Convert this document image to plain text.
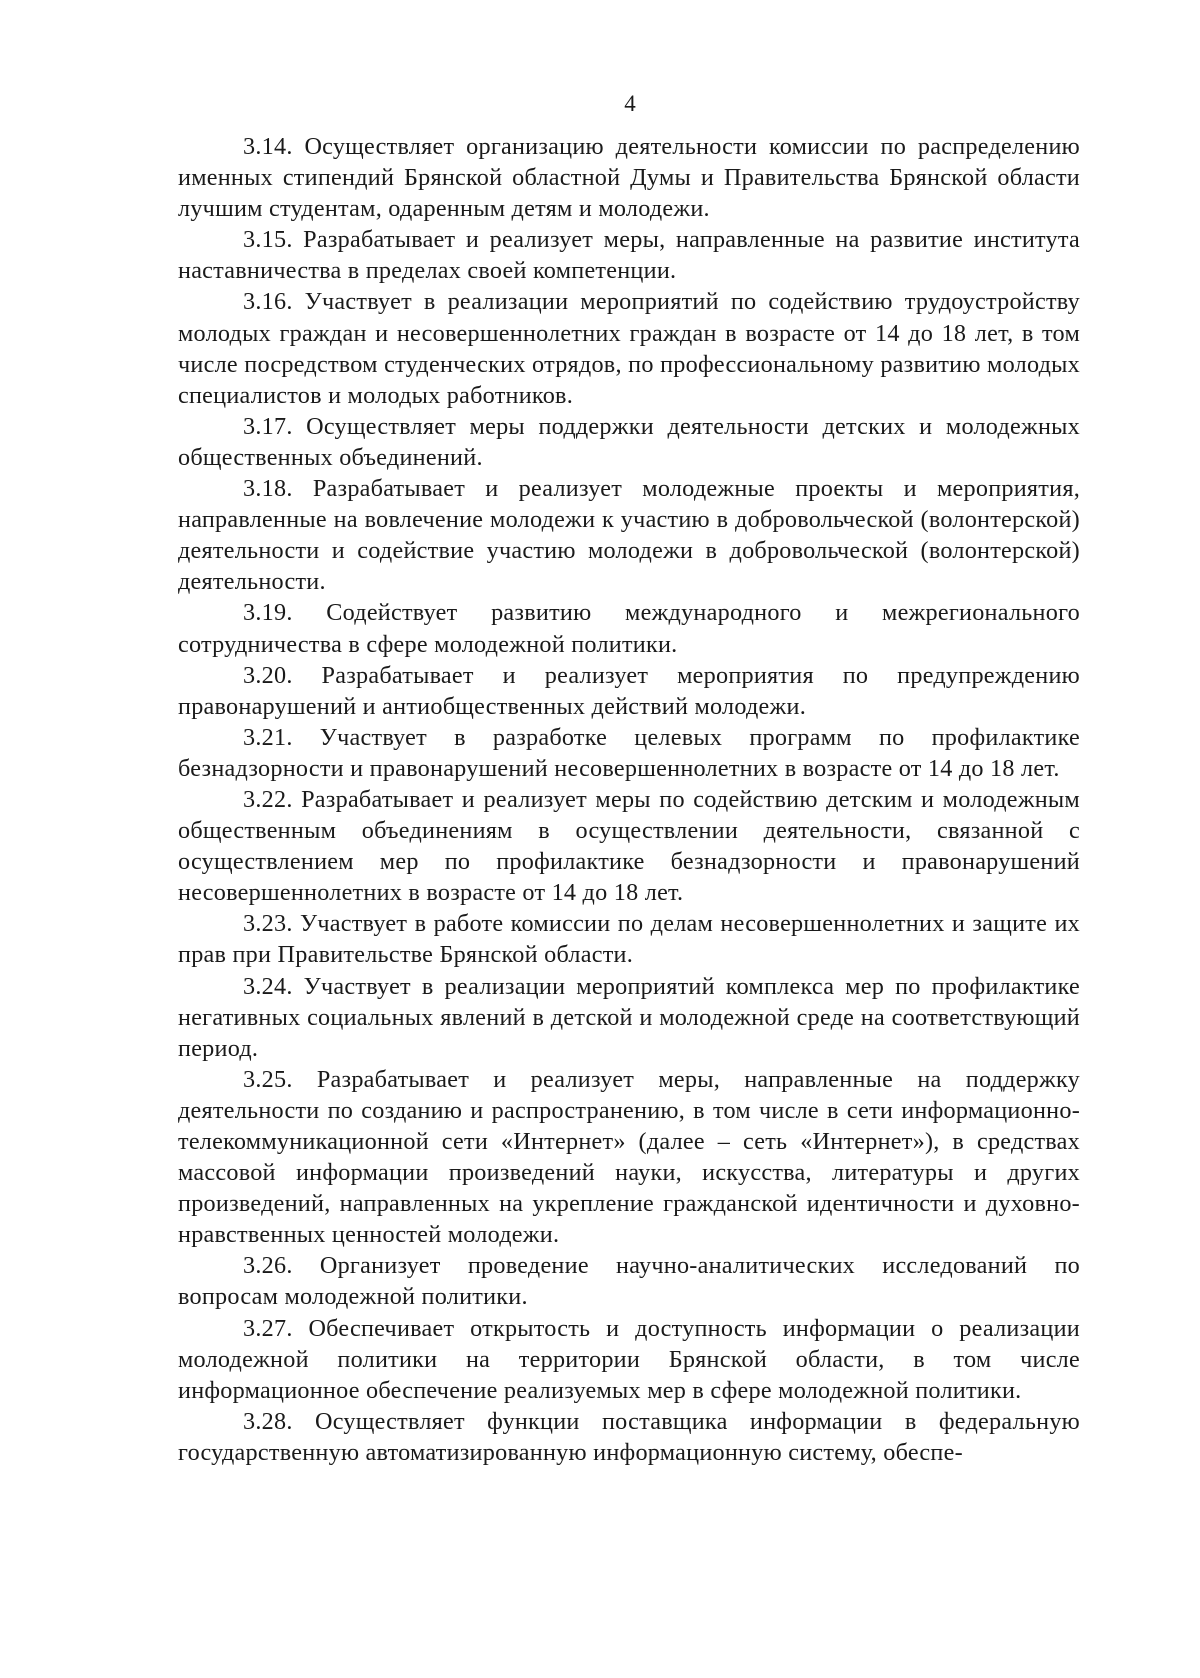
4

3.14. Осуществляет организацию деятельности комиссии по распределению именных стипендий Брянской областной Думы и Правительства Брянской области лучшим студентам, одаренным детям и молодежи.

3.15. Разрабатывает и реализует меры, направленные на развитие института наставничества в пределах своей компетенции.

3.16. Участвует в реализации мероприятий по содействию трудоустройству молодых граждан и несовершеннолетних граждан в возрасте от 14 до 18 лет, в том числе посредством студенческих отрядов, по профессиональному развитию молодых специалистов и молодых работников.

3.17. Осуществляет меры поддержки деятельности детских и молодежных общественных объединений.

3.18. Разрабатывает и реализует молодежные проекты и мероприятия, направленные на вовлечение молодежи к участию в добровольческой (волонтерской) деятельности и содействие участию молодежи в добровольческой (волонтерской) деятельности.

3.19. Содействует развитию международного и межрегионального сотрудничества в сфере молодежной политики.

3.20. Разрабатывает и реализует мероприятия по предупреждению правонарушений и антиобщественных действий молодежи.

3.21. Участвует в разработке целевых программ по профилактике безнадзорности и правонарушений несовершеннолетних в возрасте от 14 до 18 лет.

3.22. Разрабатывает и реализует меры по содействию детским и молодежным общественным объединениям в осуществлении деятельности, связанной с осуществлением мер по профилактике безнадзорности и правонарушений несовершеннолетних в возрасте от 14 до 18 лет.

3.23. Участвует в работе комиссии по делам несовершеннолетних и защите их прав при Правительстве Брянской области.

3.24. Участвует в реализации мероприятий комплекса мер по профилактике негативных социальных явлений в детской и молодежной среде на соответствующий период.

3.25. Разрабатывает и реализует меры, направленные на поддержку деятельности по созданию и распространению, в том числе в сети информационно-телекоммуникационной сети «Интернет» (далее – сеть «Интернет»), в средствах массовой информации произведений науки, искусства, литературы и других произведений, направленных на укрепление гражданской идентичности и духовно-нравственных ценностей молодежи.

3.26. Организует проведение научно-аналитических исследований по вопросам молодежной политики.

3.27. Обеспечивает открытость и доступность информации о реализации молодежной политики на территории Брянской области, в том числе информационное обеспечение реализуемых мер в сфере молодежной политики.

3.28. Осуществляет функции поставщика информации в федеральную государственную автоматизированную информационную систему, обеспе-
